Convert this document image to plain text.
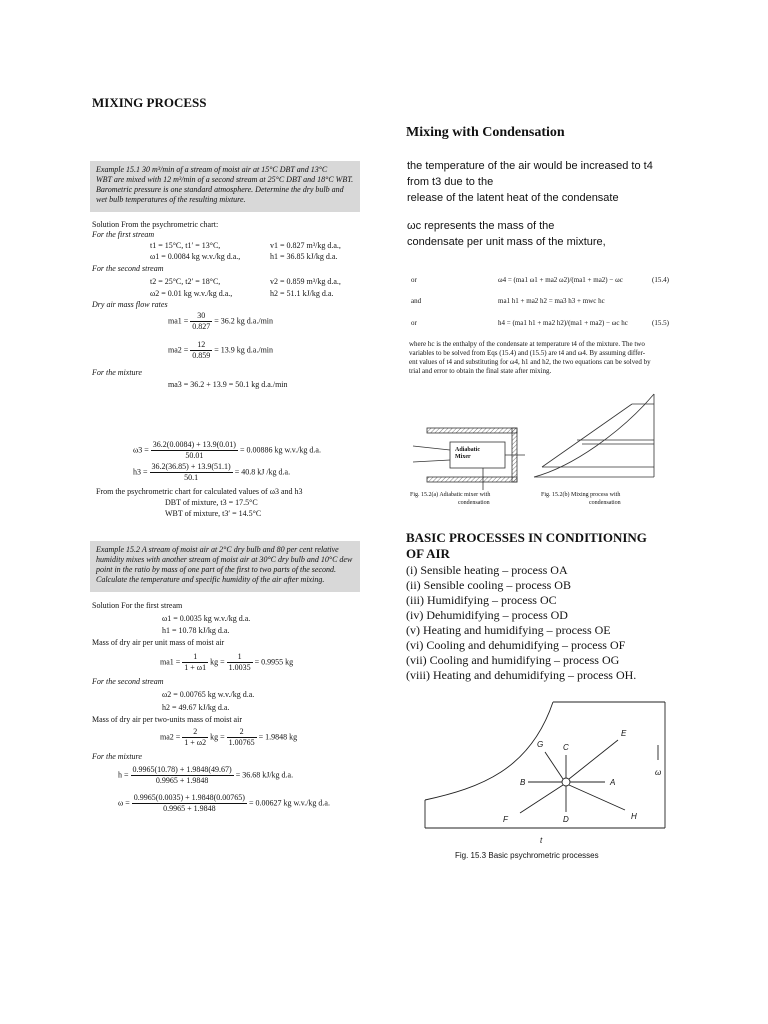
MIXING PROCESS
Example 15.1 30 m³/min of a stream of moist air at 15°C DBT and 13°C
WBT are mixed with 12 m³/min of a second stream at 25°C DBT and 18°C WBT.
Barometric pressure is one standard atmosphere. Determine the dry bulb and
wet bulb temperatures of the resulting mixture.
Solution From the psychrometric chart:
For the first stream
t1 = 15°C, t1′ = 13°C,	v1 = 0.827 m³/kg d.a.,
ω1 = 0.0084 kg w.v./kg d.a.,	h1 = 36.85 kJ/kg d.a.
For the second stream
t2 = 25°C, t2′ = 18°C,	v2 = 0.859 m³/kg d.a.,
ω2 = 0.01 kg w.v./kg d.a.,	h2 = 51.1 kJ/kg d.a.
Dry air mass flow rates
$ma1 = \frac{30}{0.827} = 36.2$ kg d.a./min
$ma2 = \frac{12}{0.859} = 13.9$ kg d.a./min
For the mixture
ma3 = 36.2 + 13.9 = 50.1 kg d.a./min
$\omega 3 = \frac{36.2(0.0084) + 13.9(0.01)}{50.01} = 0.00886$ kg w.v./kg d.a.
$h3 = \frac{36.2(36.85) + 13.9(51.1)}{50.1} = 40.8$ kJ /kg d.a.
From the psychrometric chart for calculated values of ω3 and h3
DBT of mixture, t3 = 17.5°C
WBT of mixture, t3′ = 14.5°C
Example 15.2 A stream of moist air at 2°C dry bulb and 80 per cent relative
humidity mixes with another stream of moist air at 30°C dry bulb and 10°C dew
point in the ratio by mass of one part of the first to two parts of the second.
Calculate the temperature and specific humidity of the air after mixing.
Solution For the first stream
ω1 = 0.0035 kg w.v./kg d.a.
h1 = 10.78 kJ/kg d.a.
Mass of dry air per unit mass of moist air
$ma1 = \frac{1}{1 + \omega 1}$ kg = $\frac{1}{1.0035} = 0.9955$ kg
For the second stream
ω2 = 0.00765 kg w.v./kg d.a.
h2 = 49.67 kJ/kg d.a.
Mass of dry air per two-units mass of moist air
$ma2 = \frac{2}{1 + \omega 2}$ kg = $\frac{2}{1.00765} = 1.9848$ kg
For the mixture
$h = \frac{0.9965(10.78) + 1.9848(49.67)}{0.9965 + 1.9848} = 36.68$ kJ/kg d.a.
$\omega = \frac{0.9965(0.0035) + 1.9848(0.00765)}{0.9965 + 1.9848} = 0.00627$ kg w.v./kg d.a.
Mixing with Condensation
the temperature of the air would be increased to t4
from t3 due to the
release of the latent heat of the condensate
ωc represents the mass of the
condensate per unit mass of the mixture,
or	ω4 = (ma1 ω1 + ma2 ω2)/(ma1 + ma2) − ωc	(15.4)
and	ma1 h1 + ma2 h2 = ma3 h3 + mwc hc
or	h4 = (ma1 h1 + ma2 h2)/(ma1 + ma2) − ωc hc	(15.5)
where hc is the enthalpy of the condensate at temperature t4 of the mixture. The two
variables to be solved from Eqs (15.4) and (15.5) are t4 and ω4. By assuming differ-
ent values of t4 and substituting for ω4, h1 and h2, the two equations can be solved by
trial and error to obtain the final state after mixing.
Adiabatic Mixer
Fig. 15.2(a) Adiabatic mixer with
condensation
Fig. 15.2(b) Mixing process with
condensation
BASIC PROCESSES IN CONDITIONING
OF AIR
(i) Sensible heating – process OA
(ii) Sensible cooling – process OB
(iii) Humidifying – process OC
(iv) Dehumidifying – process OD
(v) Heating and humidifying – process OE
(vi) Cooling and dehumidifying – process OF
(vii) Cooling and humidifying – process OG
(viii) Heating and dehumidifying – process OH.
A
B
C
D
E
F
G
H
t
ω
Fig. 15.3 Basic psychrometric processes
